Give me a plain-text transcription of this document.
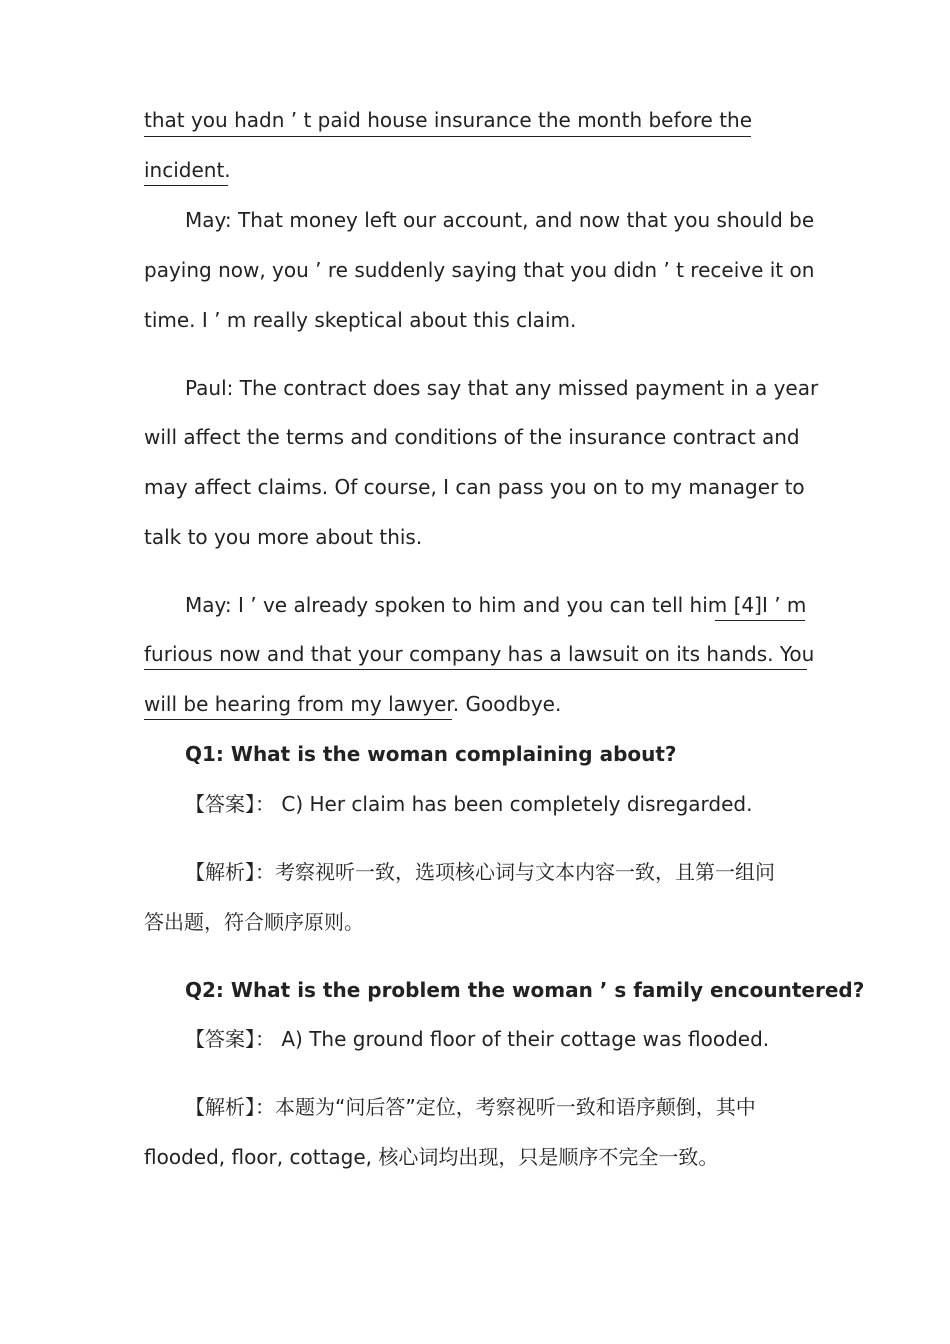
that you hadn ’ t paid house insurance the month before the
incident.
May: That money left our account, and now that you should be
paying now, you ’ re suddenly saying that you didn ’ t receive it on
time. I ’ m really skeptical about this claim.
Paul: The contract does say that any missed payment in a year
will affect the terms and conditions of the insurance contract and
may affect claims. Of course, I can pass you on to my manager to
talk to you more about this.
May: I ’ ve already spoken to him and you can tell him [4]I ’ m
furious now and that your company has a lawsuit on its hands. You
will be hearing from my lawyer. Goodbye.
Q1: What is the woman complaining about?
【答案】： C) Her claim has been completely disregarded.
【解析】：考察视听一致，选项核心词与文本内容一致，且第一组问
答出题，符合顺序原则。
Q2: What is the problem the woman ’ s family encountered?
【答案】： A) The ground floor of their cottage was flooded.
【解析】：本题为“问后答”定位，考察视听一致和语序颠倒，其中
flooded, floor, cottage, 核心词均出现，只是顺序不完全一致。
